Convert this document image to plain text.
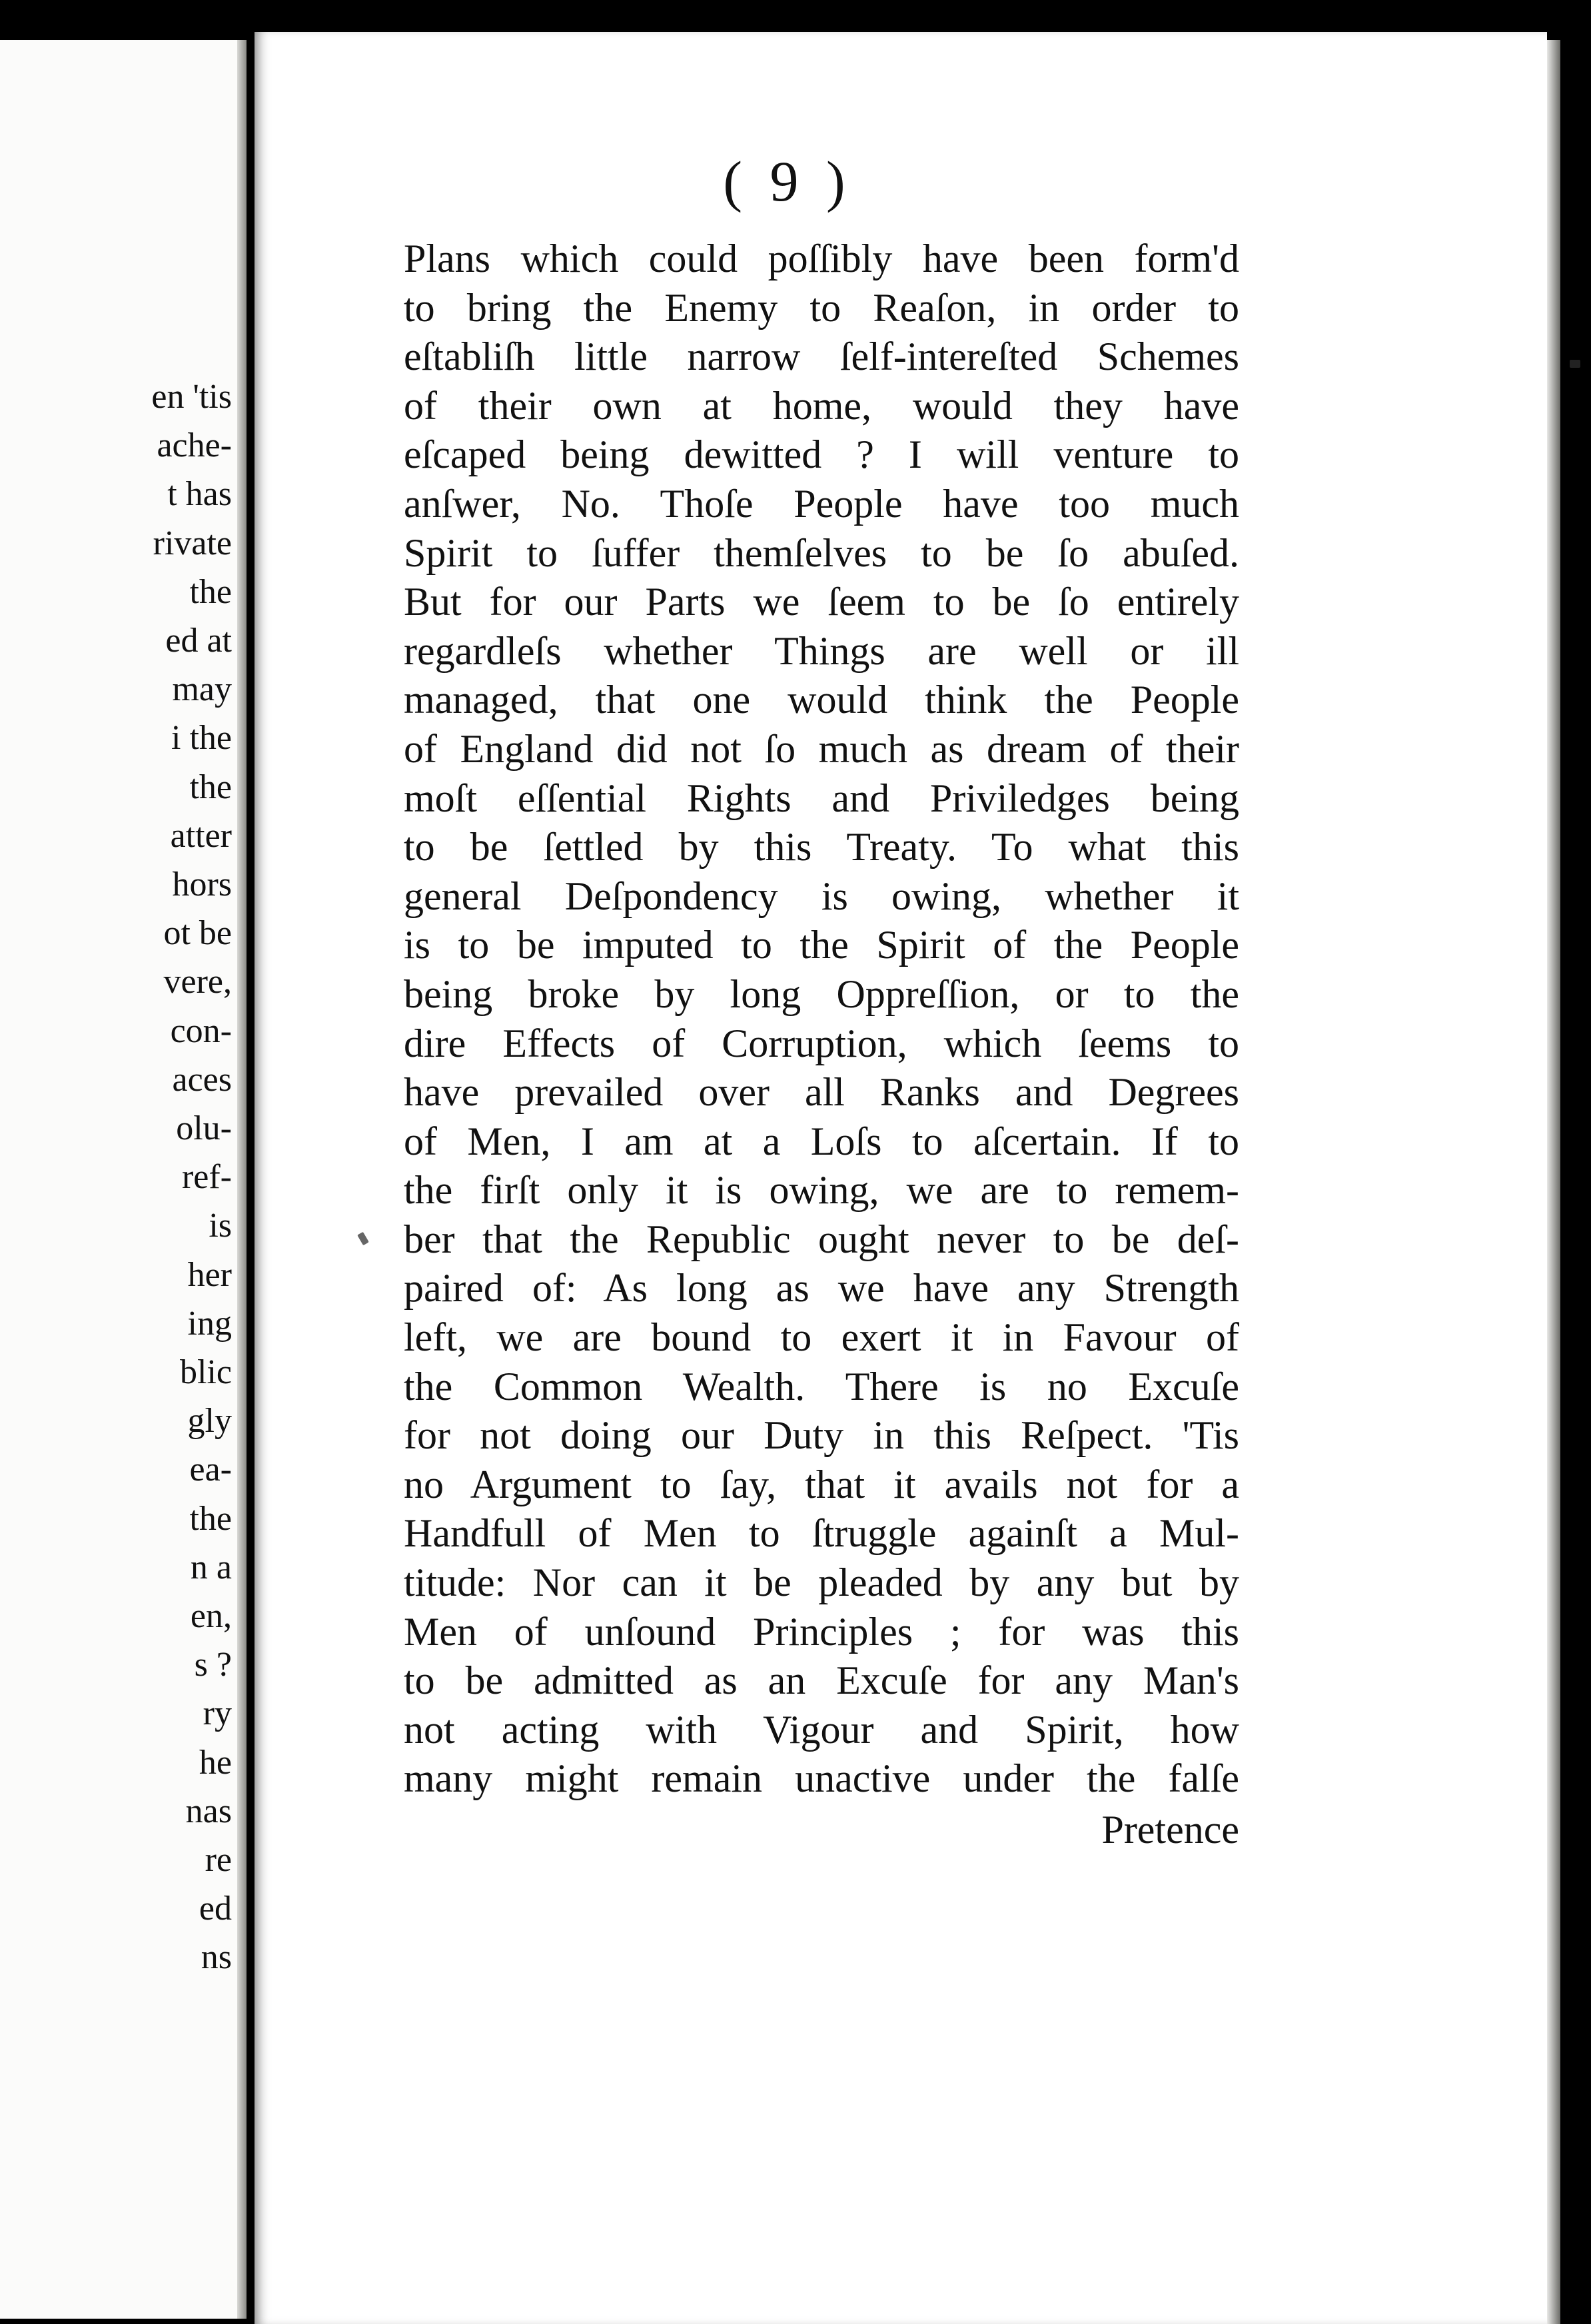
en 'tis
ache-
t has
rivate
the
ed at
may
i the
the
atter
hors
ot be
vere,
con-
aces
olu-
ref-
is
her
ing
blic
gly
ea-
the
n a
en,
s ?
ry
he
nas
re
ed
ns
( 9 )
Plans which could poſſibly have been form'd
to bring the Enemy to Reaſon, in order to
eſtabliſh little narrow ſelf-intereſted Schemes
of their own at home, would they have
eſcaped being dewitted ? I will venture to
anſwer, No. Thoſe People have too much
Spirit to ſuffer themſelves to be ſo abuſed.
But for our Parts we ſeem to be ſo entirely
regardleſs whether Things are well or ill
managed, that one would think the People
of England did not ſo much as dream of their
moſt eſſential Rights and Priviledges being
to be ſettled by this Treaty. To what this
general Deſpondency is owing, whether it
is to be imputed to the Spirit of the People
being broke by long Oppreſſion, or to the
dire Effects of Corruption, which ſeems to
have prevailed over all Ranks and Degrees
of Men, I am at a Loſs to aſcertain. If to
the firſt only it is owing, we are to remem-
ber that the Republic ought never to be deſ-
paired of: As long as we have any Strength
left, we are bound to exert it in Favour of
the Common Wealth. There is no Excuſe
for not doing our Duty in this Reſpect. 'Tis
no Argument to ſay, that it avails not for a
Handfull of Men to ſtruggle againſt a Mul-
titude: Nor can it be pleaded by any but by
Men of unſound Principles ; for was this
to be admitted as an Excuſe for any Man's
not acting with Vigour and Spirit, how
many might remain unactive under the falſe
Pretence
